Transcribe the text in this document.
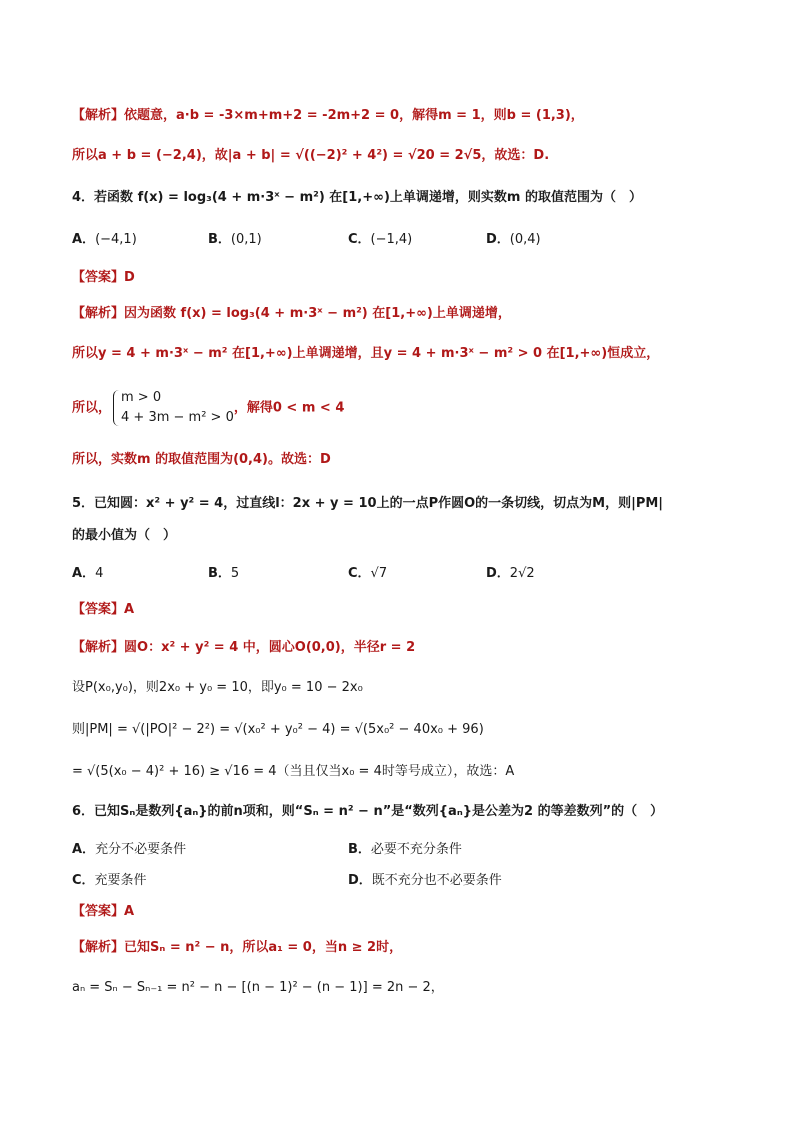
【解析】依题意，a·b = -3×m+m+2 = -2m+2 = 0，解得m = 1，则b = (1,3)，
所以a + b = (−2,4)，故|a + b| = √((−2)² + 4²) = √20 = 2√5，故选：D.
4．若函数 f(x) = log₃(4 + m·3ˣ − m²) 在[1,+∞)上单调递增，则实数m 的取值范围为（　）
A．(−4,1)	B．(0,1)	C．(−1,4)	D．(0,4)
【答案】D
【解析】因为函数 f(x) = log₃(4 + m·3ˣ − m²) 在[1,+∞)上单调递增，
所以y = 4 + m·3ˣ − m² 在[1,+∞)上单调递增，且y = 4 + m·3ˣ − m² > 0 在[1,+∞)恒成立，
所以，
m > 0
4 + 3m − m² > 0
，解得0 < m < 4
所以，实数m 的取值范围为(0,4)。故选：D
5．已知圆：x² + y² = 4，过直线l：2x + y = 10上的一点P作圆O的一条切线，切点为M，则|PM|
的最小值为（　）
A．4	B．5	C．√7	D．2√2
【答案】A
【解析】圆O：x² + y² = 4 中，圆心O(0,0)，半径r = 2
设P(x₀,y₀)，则2x₀ + y₀ = 10，即y₀ = 10 − 2x₀
则|PM| = √(|PO|² − 2²) = √(x₀² + y₀² − 4) = √(5x₀² − 40x₀ + 96)
= √(5(x₀ − 4)² + 16) ≥ √16 = 4（当且仅当x₀ = 4时等号成立），故选：A
6．已知Sₙ是数列{aₙ}的前n项和，则“Sₙ = n² − n”是“数列{aₙ}是公差为2 的等差数列”的（　）
A．充分不必要条件	B．必要不充分条件
C．充要条件	D．既不充分也不必要条件
【答案】A
【解析】已知Sₙ = n² − n，所以a₁ = 0，当n ≥ 2时，
aₙ = Sₙ − Sₙ₋₁ = n² − n − [(n − 1)² − (n − 1)] = 2n − 2，
